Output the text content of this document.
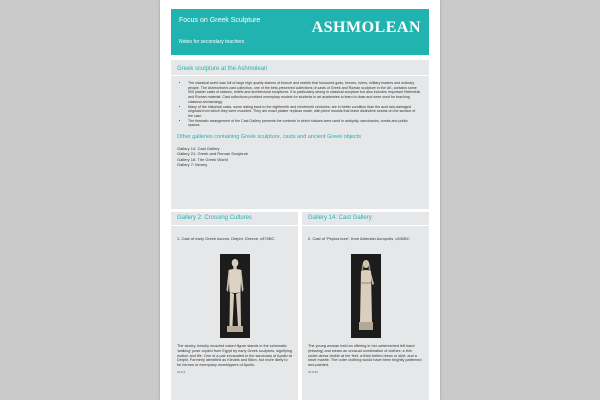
Focus on Greek Sculpture
Notes for secondary teachers
ASHMOLEAN
Greek sculpture at the Ashmolean
• The classical world was full of large high quality statues of bronze and marble that honoured gods, heroes, rulers, military leaders and ordinary people. The Ashmolean's cast collection, one of the best-preserved collections of casts of Greek and Roman sculpture in the UK, contains some 900 plaster casts of statues, reliefs and architectural sculptures. It is particularly strong in classical sculpture but also includes important Hellenistic and Roman material. Cast collections provided exemplary models for students in art academies to learn to draw and were used for teaching classical archaeology.
• Many of the historical casts, some dating back to the eighteenth and nineteenth centuries, are in better condition than the acid rain-damaged originals from which they were moulded. They are exact plaster replicas made, with piece moulds that leave distinctive seams on the surface of the cast.
• The thematic arrangement of the Cast Gallery presents the contexts in which statues were used in antiquity; sanctuaries, tombs and public spaces.
Other galleries containing Greek sculpture, casts and ancient Greek objects
Gallery 14: Cast Gallery
Gallery 21: Greek and Roman Sculpture
Gallery 16: The Greek World
Gallery 7: Money
Gallery 2: Crossing Cultures
1. Cast of early Greek kouros, Delphi, Greece, c570BC
The stocky, heavily muscled naked figure stands in the schematic 'walking' pose copied from Egypt by early Greek sculptors, signifying motion and life. One of a pair excavated in the sanctuary of Apollo at Delphi. Formerly identified as Kleobis and Biton, but more likely to be heroes or exemplary worshippers of Apollo.
C1.8.4
Gallery 14: Cast Gallery
2. Cast of 'Peplos kore', from Athenian Acropolis, c530BC
The young woman held an offering in her outstretched left hand (missing) and wears an unusual combination of clothes: a thin under-dress visible at her feet, a thick belted dress or skirt, and a short mantle. The outer clothing would have been brightly patterned and painted.
C1.8.46
